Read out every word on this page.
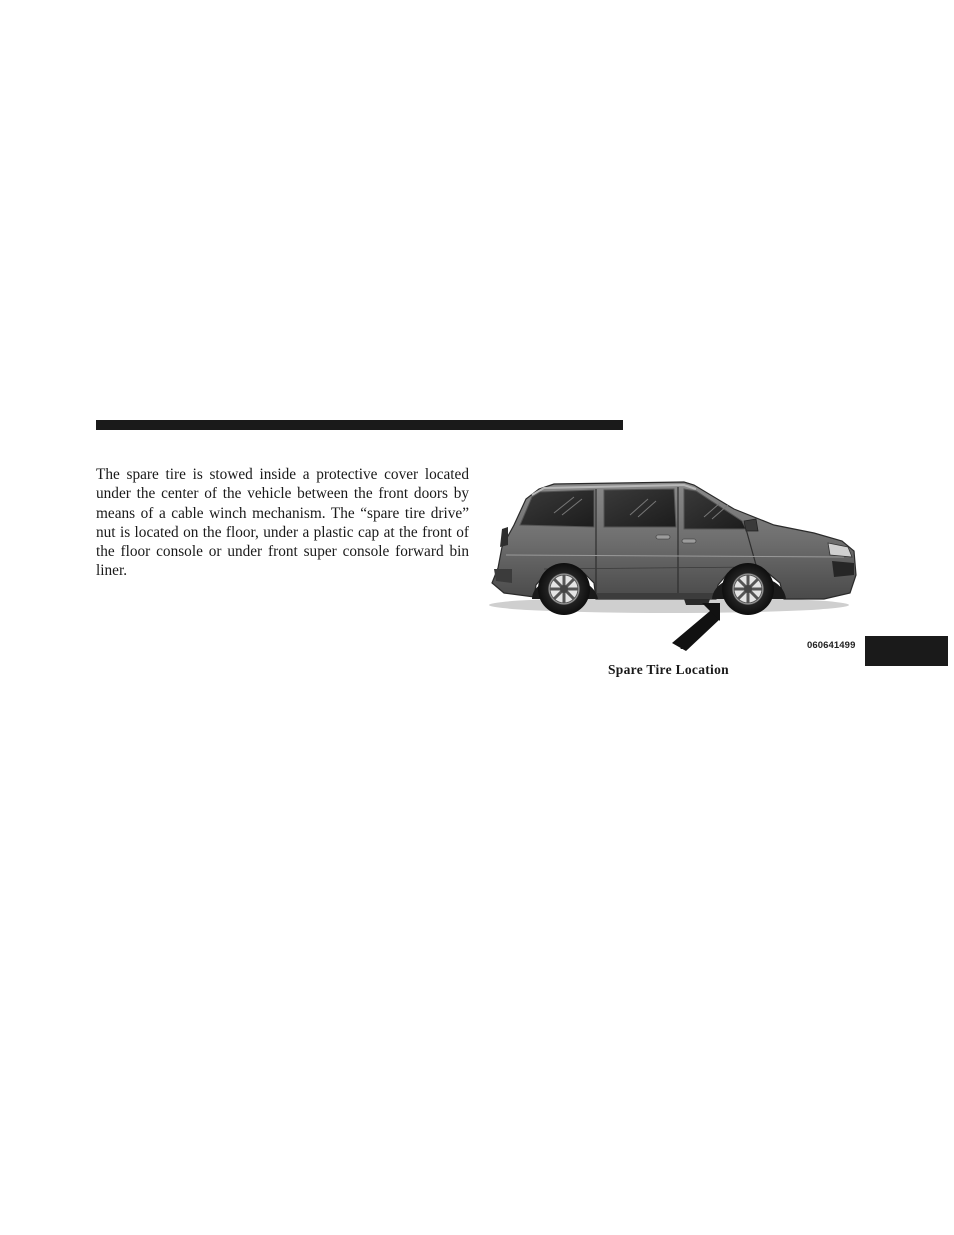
The spare tire is stowed inside a protective cover located under the center of the vehicle between the front doors by means of a cable winch mechanism. The “spare tire drive” nut is located on the floor, under a plastic cap at the front of the floor console or under front super console forward bin liner.

060641499
Spare Tire Location
